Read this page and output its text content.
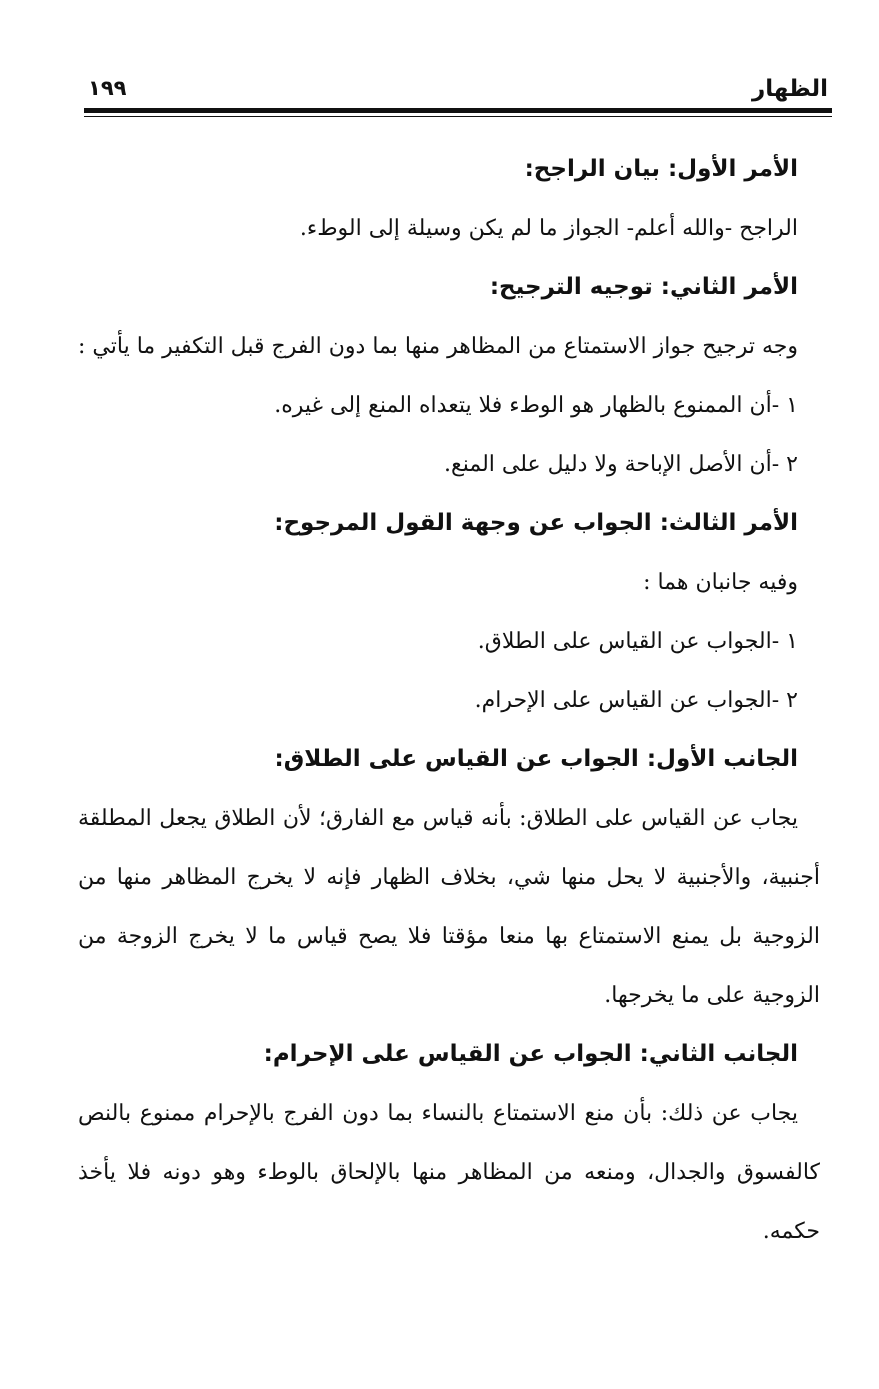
الظهار
١٩٩
الأمر الأول: بيان الراجح:
الراجح -والله أعلم- الجواز ما لم يكن وسيلة إلى الوطء.
الأمر الثاني: توجيه الترجيح:
وجه ترجيح جواز الاستمتاع من المظاهر منها بما دون الفرج قبل التكفير ما يأتي :
١ -أن الممنوع بالظهار هو الوطء فلا يتعداه المنع إلى غيره.
٢ -أن الأصل الإباحة ولا دليل على المنع.
الأمر الثالث: الجواب عن وجهة القول المرجوح:
وفيه جانبان هما :
١ -الجواب عن القياس على الطلاق.
٢ -الجواب عن القياس على الإحرام.
الجانب الأول: الجواب عن القياس على الطلاق:
يجاب عن القياس على الطلاق: بأنه قياس مع الفارق؛ لأن الطلاق يجعل المطلقة أجنبية، والأجنبية لا يحل منها شي، بخلاف الظهار فإنه لا يخرج المظاهر منها من الزوجية بل يمنع الاستمتاع بها منعا مؤقتا فلا يصح قياس ما لا يخرج الزوجة من الزوجية على ما يخرجها.
الجانب الثاني: الجواب عن القياس على الإحرام:
يجاب عن ذلك: بأن منع الاستمتاع بالنساء بما دون الفرج بالإحرام ممنوع بالنص كالفسوق والجدال، ومنعه من المظاهر منها بالإلحاق بالوطء وهو دونه فلا يأخذ حكمه.
